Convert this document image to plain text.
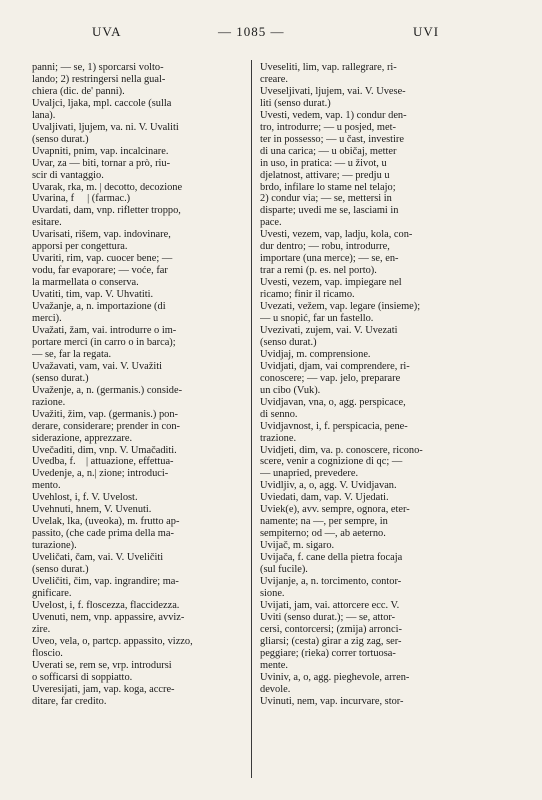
UVA	— 1085 —	UVI
panni; — se, 1) sporcarsi volto-
lando; 2) restringersi nella gual-
chiera (dic. de' panni).
Uvaljci, ljaka, mpl. caccole (sulla
lana).
Uvaljivati, ljujem, va. ni. V. Uvaliti
(senso durat.)
Uvapniti, pnim, vap. incalcinare.
Uvar, za — biti, tornar a prò, riu-
scir di vantaggio.
Uvarak, rka, m. | decotto, decozione
Uvarina, f     | (farmac.)
Uvardati, dam, vnp. rifletter troppo,
esitare.
Uvarisati, rišem, vap. indovinare,
apporsi per congettura.
Uvariti, rim, vap. cuocer bene; —
vodu, far evaporare; — voće, far
la marmellata o conserva.
Uvatiti, tim, vap. V. Uhvatiti.
Uvažanje, a, n. importazione (di
merci).
Uvažati, žam, vai. introdurre o im-
portare merci (in carro o in barca);
— se, far la regata.
Uvažavati, vam, vai. V. Uvažiti
(senso durat.)
Uvaženje, a, n. (germanis.) conside-
razione.
Uvažiti, žim, vap. (germanis.) pon-
derare, considerare; prender in con-
siderazione, apprezzare.
Uvečaditi, dim, vnp. V. Umačaditi.
Uvedba, f.    | attuazione, effettua-
Uvedenje, a, n.| zione; introduci-
mento.
Uvehlost, i, f. V. Uvelost.
Uvehnuti, hnem, V. Uvenuti.
Uvelak, lka, (uveoka), m. frutto ap-
passito, (che cade prima della ma-
turazione).
Uveličati, čam, vai. V. Uveličiti
(senso durat.)
Uveličiti, čim, vap. ingrandire; ma-
gnificare.
Uvelost, i, f. floscezza, flaccidezza.
Uvenuti, nem, vnp. appassire, avviz-
zire.
Uveo, vela, o, partcp. appassito, vizzo,
floscio.
Uverati se, rem se, vrp. introdursi
o sofficarsi di soppiatto.
Uveresijati, jam, vap. koga, accre-
ditare, far credito.
Uveseliti, lim, vap. rallegrare, ri-
creare.
Uveseljivati, ljujem, vai. V. Uvese-
liti (senso durat.)
Uvesti, vedem, vap. 1) condur den-
tro, introdurre; — u posjed, met-
ter in possesso; — u čast, investire
di una carica; — u običaj, metter
in uso, in pratica: — u život, u
djelatnost, attivare; — predju u
brdo, infilare lo stame nel telajo;
2) condur via; — se, mettersi in
disparte; uvedi me se, lasciami in
pace.
Uvesti, vezem, vap, ladju, kola, con-
dur dentro; — robu, introdurre,
importare (una merce); — se, en-
trar a remi (p. es. nel porto).
Uvesti, vezem, vap. impiegare nel
ricamo; finir il ricamo.
Uvezati, vežem, vap. legare (insieme);
— u snopić, far un fastello.
Uvezivati, zujem, vai. V. Uvezati
(senso durat.)
Uvidjaj, m. comprensione.
Uvidjati, djam, vai comprendere, ri-
conoscere; — vap. jelo, preparare
un cibo (Vuk).
Uvidjavan, vna, o, agg. perspicace,
di senno.
Uvidjavnost, i, f. perspicacia, pene-
trazione.
Uvidjeti, dim, va. p. conoscere, ricono-
scere, venir a cognizione di qc; —
— unapried, prevedere.
Uvidljiv, a, o, agg. V. Uvidjavan.
Uviedati, dam, vap. V. Ujedati.
Uviek(e), avv. sempre, ognora, eter-
namente; na —, per sempre, in
sempiterno; od —, ab aeterno.
Uvijač, m. sigaro.
Uvijača, f. cane della pietra focaja
(sul fucile).
Uvijanje, a, n. torcimento, contor-
sione.
Uvijati, jam, vai. attorcere ecc. V.
Uviti (senso durat.); — se, attor-
cersi, contorcersi; (zmija) arronci-
gliarsi; (cesta) girar a zig zag, ser-
peggiare; (rieka) correr tortuosa-
mente.
Uviniv, a, o, agg. pieghevole, arren-
devole.
Uvinuti, nem, vap. incurvare, stor-
